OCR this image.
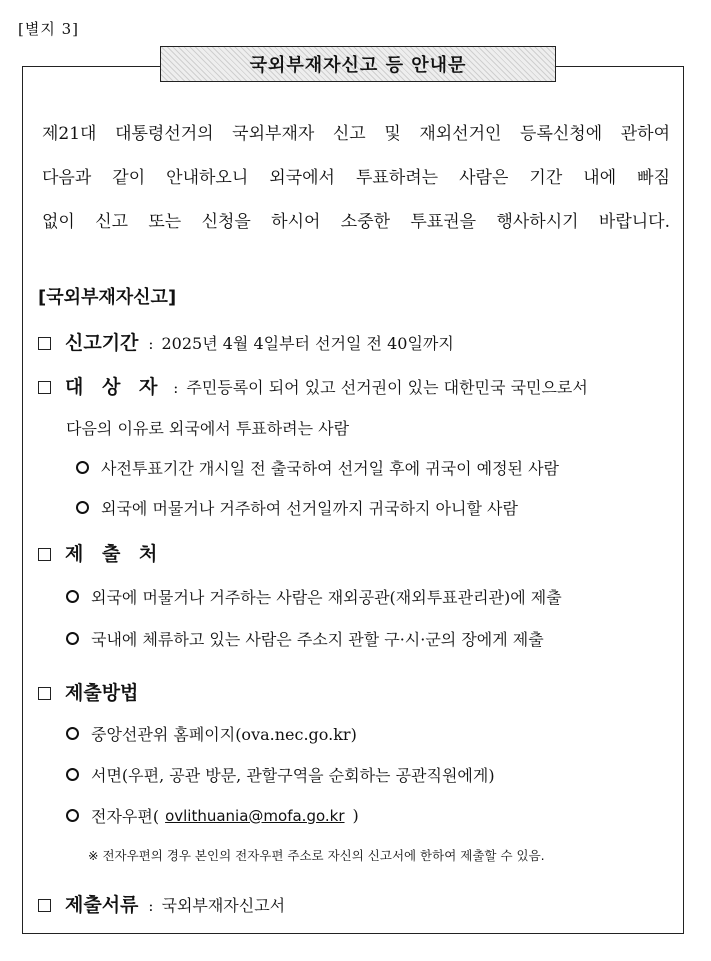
[별지 3]
국외부재자신고 등 안내문
제21대 대통령선거의 국외부재자 신고 및 재외선거인 등록신청에 관하여
다음과 같이 안내하오니 외국에서 투표하려는 사람은 기간 내에 빠짐
없이 신고 또는 신청을 하시어 소중한 투표권을 행사하시기 바랍니다.
[국외부재자신고]
신고기간 : 2025년 4월 4일부터 선거일 전 40일까지
대 상 자 : 주민등록이 되어 있고 선거권이 있는 대한민국 국민으로서
다음의 이유로 외국에서 투표하려는 사람
사전투표기간 개시일 전 출국하여 선거일 후에 귀국이 예정된 사람
외국에 머물거나 거주하여 선거일까지 귀국하지 아니할 사람
제 출 처
외국에 머물거나 거주하는 사람은 재외공관(재외투표관리관)에 제출
국내에 체류하고 있는 사람은 주소지 관할 구·시·군의 장에게 제출
제출방법
중앙선관위 홈페이지(ova.nec.go.kr)
서면(우편, 공관 방문, 관할구역을 순회하는 공관직원에게)
전자우편( ovlithuania@mofa.go.kr )
※ 전자우편의 경우 본인의 전자우편 주소로 자신의 신고서에 한하여 제출할 수 있음.
제출서류 : 국외부재자신고서
